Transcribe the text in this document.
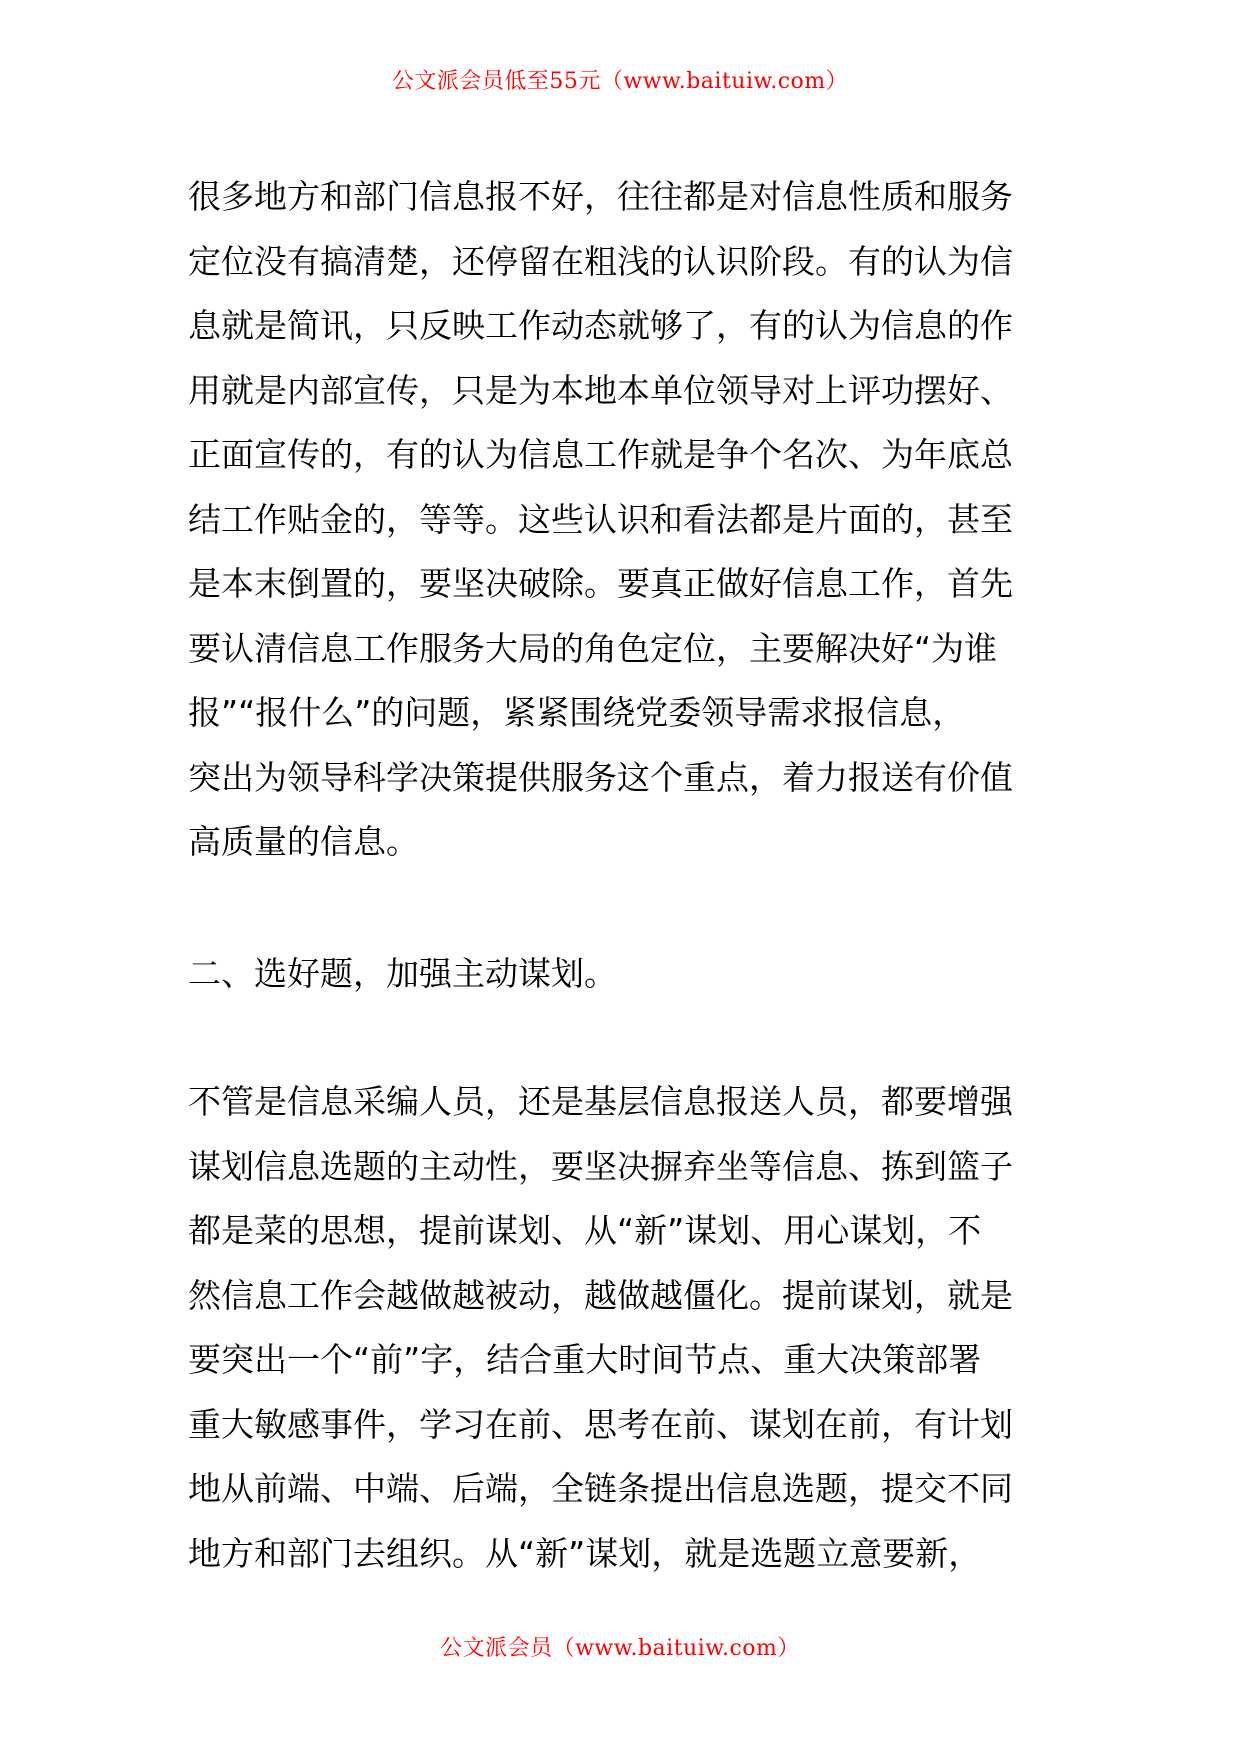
公文派会员低至55元（www.baituiw.com）
很多地方和部门信息报不好，往往都是对信息性质和服务
定位没有搞清楚，还停留在粗浅的认识阶段。有的认为信
息就是简讯，只反映工作动态就够了，有的认为信息的作
用就是内部宣传，只是为本地本单位领导对上评功摆好、
正面宣传的，有的认为信息工作就是争个名次、为年底总
结工作贴金的，等等。这些认识和看法都是片面的，甚至
是本末倒置的，要坚决破除。要真正做好信息工作，首先
要认清信息工作服务大局的角色定位，主要解决好“为谁
报”“报什么”的问题，紧紧围绕党委领导需求报信息，
突出为领导科学决策提供服务这个重点，着力报送有价值
高质量的信息。
二、选好题，加强主动谋划。
不管是信息采编人员，还是基层信息报送人员，都要增强
谋划信息选题的主动性，要坚决摒弃坐等信息、拣到篮子
都是菜的思想，提前谋划、从“新”谋划、用心谋划，不
然信息工作会越做越被动，越做越僵化。提前谋划，就是
要突出一个“前”字，结合重大时间节点、重大决策部署
重大敏感事件，学习在前、思考在前、谋划在前，有计划
地从前端、中端、后端，全链条提出信息选题，提交不同
地方和部门去组织。从“新”谋划，就是选题立意要新，
公文派会员（www.baituiw.com）
